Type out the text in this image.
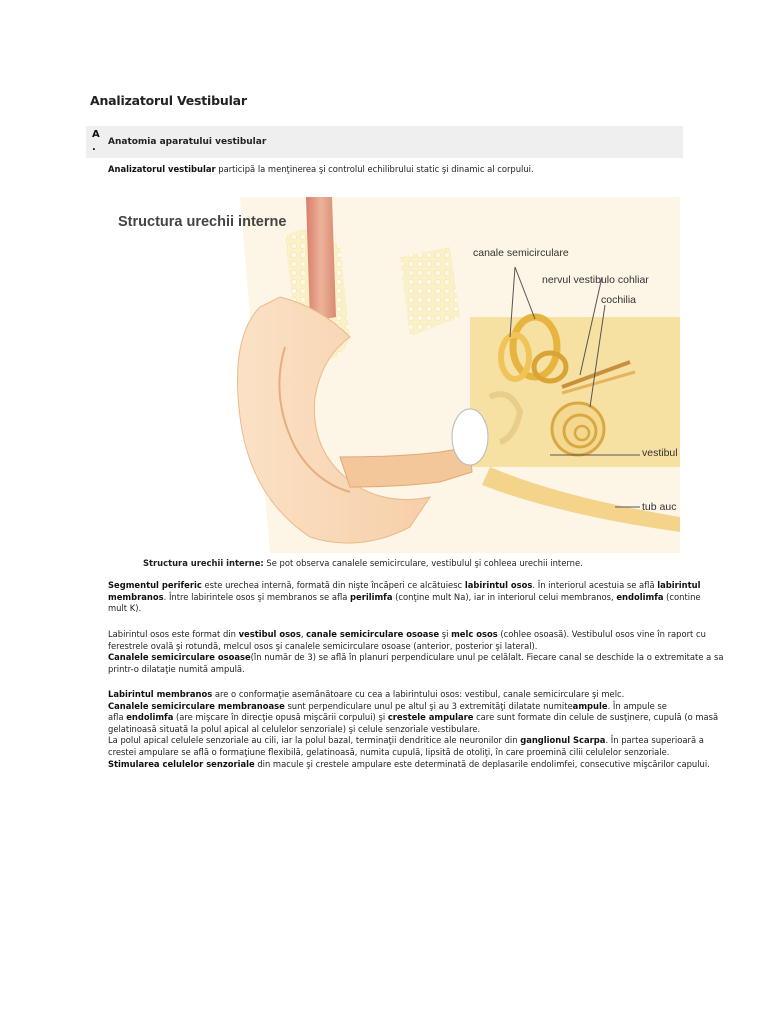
Analizatorul Vestibular
A
.	Anatomia aparatului vestibular
Analizatorul vestibular participă la menţinerea şi controlul echilibrului static şi dinamic al corpului.
Structura urechii interne
canale semicirculare
nervul vestibulo cohliar
cochilia
vestibul
tub auc
Structura urechii interne: Se pot observa canalele semicirculare, vestibulul şi cohleea urechii interne.
Segmentul periferic este urechea internă, formată din nişte încăperi ce alcătuiesc labirintul osos. În interiorul acestuia se află labirintul
membranos. Între labirintele osos şi membranos se afla perilimfa (conţine mult Na), iar in interiorul celui membranos, endolimfa (contine
mult K).
Labirintul osos este format din vestibul osos, canale semicirculare osoase şi melc osos (cohlee osoasă). Vestibulul osos vine în raport cu
ferestrele ovală şi rotundă, melcul osos şi canalele semicirculare osoase (anterior, posterior şi lateral).
Canalele semicirculare osoase(în număr de 3) se află în planuri perpendiculare unul pe celălalt. Fiecare canal se deschide la o extremitate a sa
printr-o dilataţie numită ampulă.
Labirintul membranos are o conformaţie asemănătoare cu cea a labirintului osos: vestibul, canale semicirculare şi melc.
Canalele semicirculare membranoase sunt perpendiculare unul pe altul şi au 3 extremităţi dilatate numiteampule. În ampule se
afla endolimfa (are mişcare în direcţie opusă mişcării corpului) şi crestele ampulare care sunt formate din celule de susţinere, cupulă (o masă
gelatinoasă situată la polul apical al celulelor senzoriale) şi celule senzoriale vestibulare.
La polul apical celulele senzoriale au cili, iar la polul bazal, terminaţii dendritice ale neuronilor din ganglionul Scarpa. În partea superioară a
crestei ampulare se află o formaţiune flexibilă, gelatinoasă, numita cupulă, lipsită de otoliţi, în care proemină cilii celulelor senzoriale.
Stimularea celulelor senzoriale din macule şi crestele ampulare este determinată de deplasarile endolimfei, consecutive mişcărilor capului.
